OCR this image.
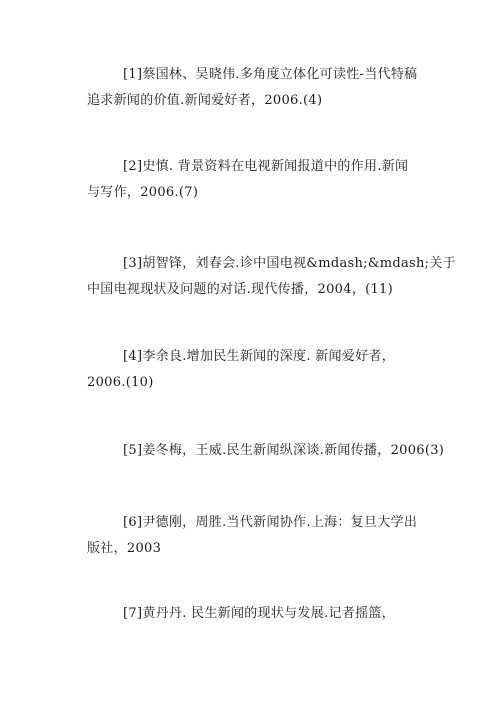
[1]蔡国林、吴晓伟.多角度立体化可读性-当代特稿
追求新闻的价值.新闻爱好者，2006.(4)

[2]史慎. 背景资料在电视新闻报道中的作用.新闻
与写作，2006.(7)

[3]胡智锋，刘春会.诊中国电视&mdash;&mdash;关于
中国电视现状及问题的对话.现代传播，2004，(11)

[4]李余良.增加民生新闻的深度. 新闻爱好者，
2006.(10)

[5]姜冬梅，王威.民生新闻纵深谈.新闻传播，2006(3)

[6]尹德刚，周胜.当代新闻协作.上海：复旦大学出
版社，2003

[7]黄丹丹. 民生新闻的现状与发展.记者摇篮，
